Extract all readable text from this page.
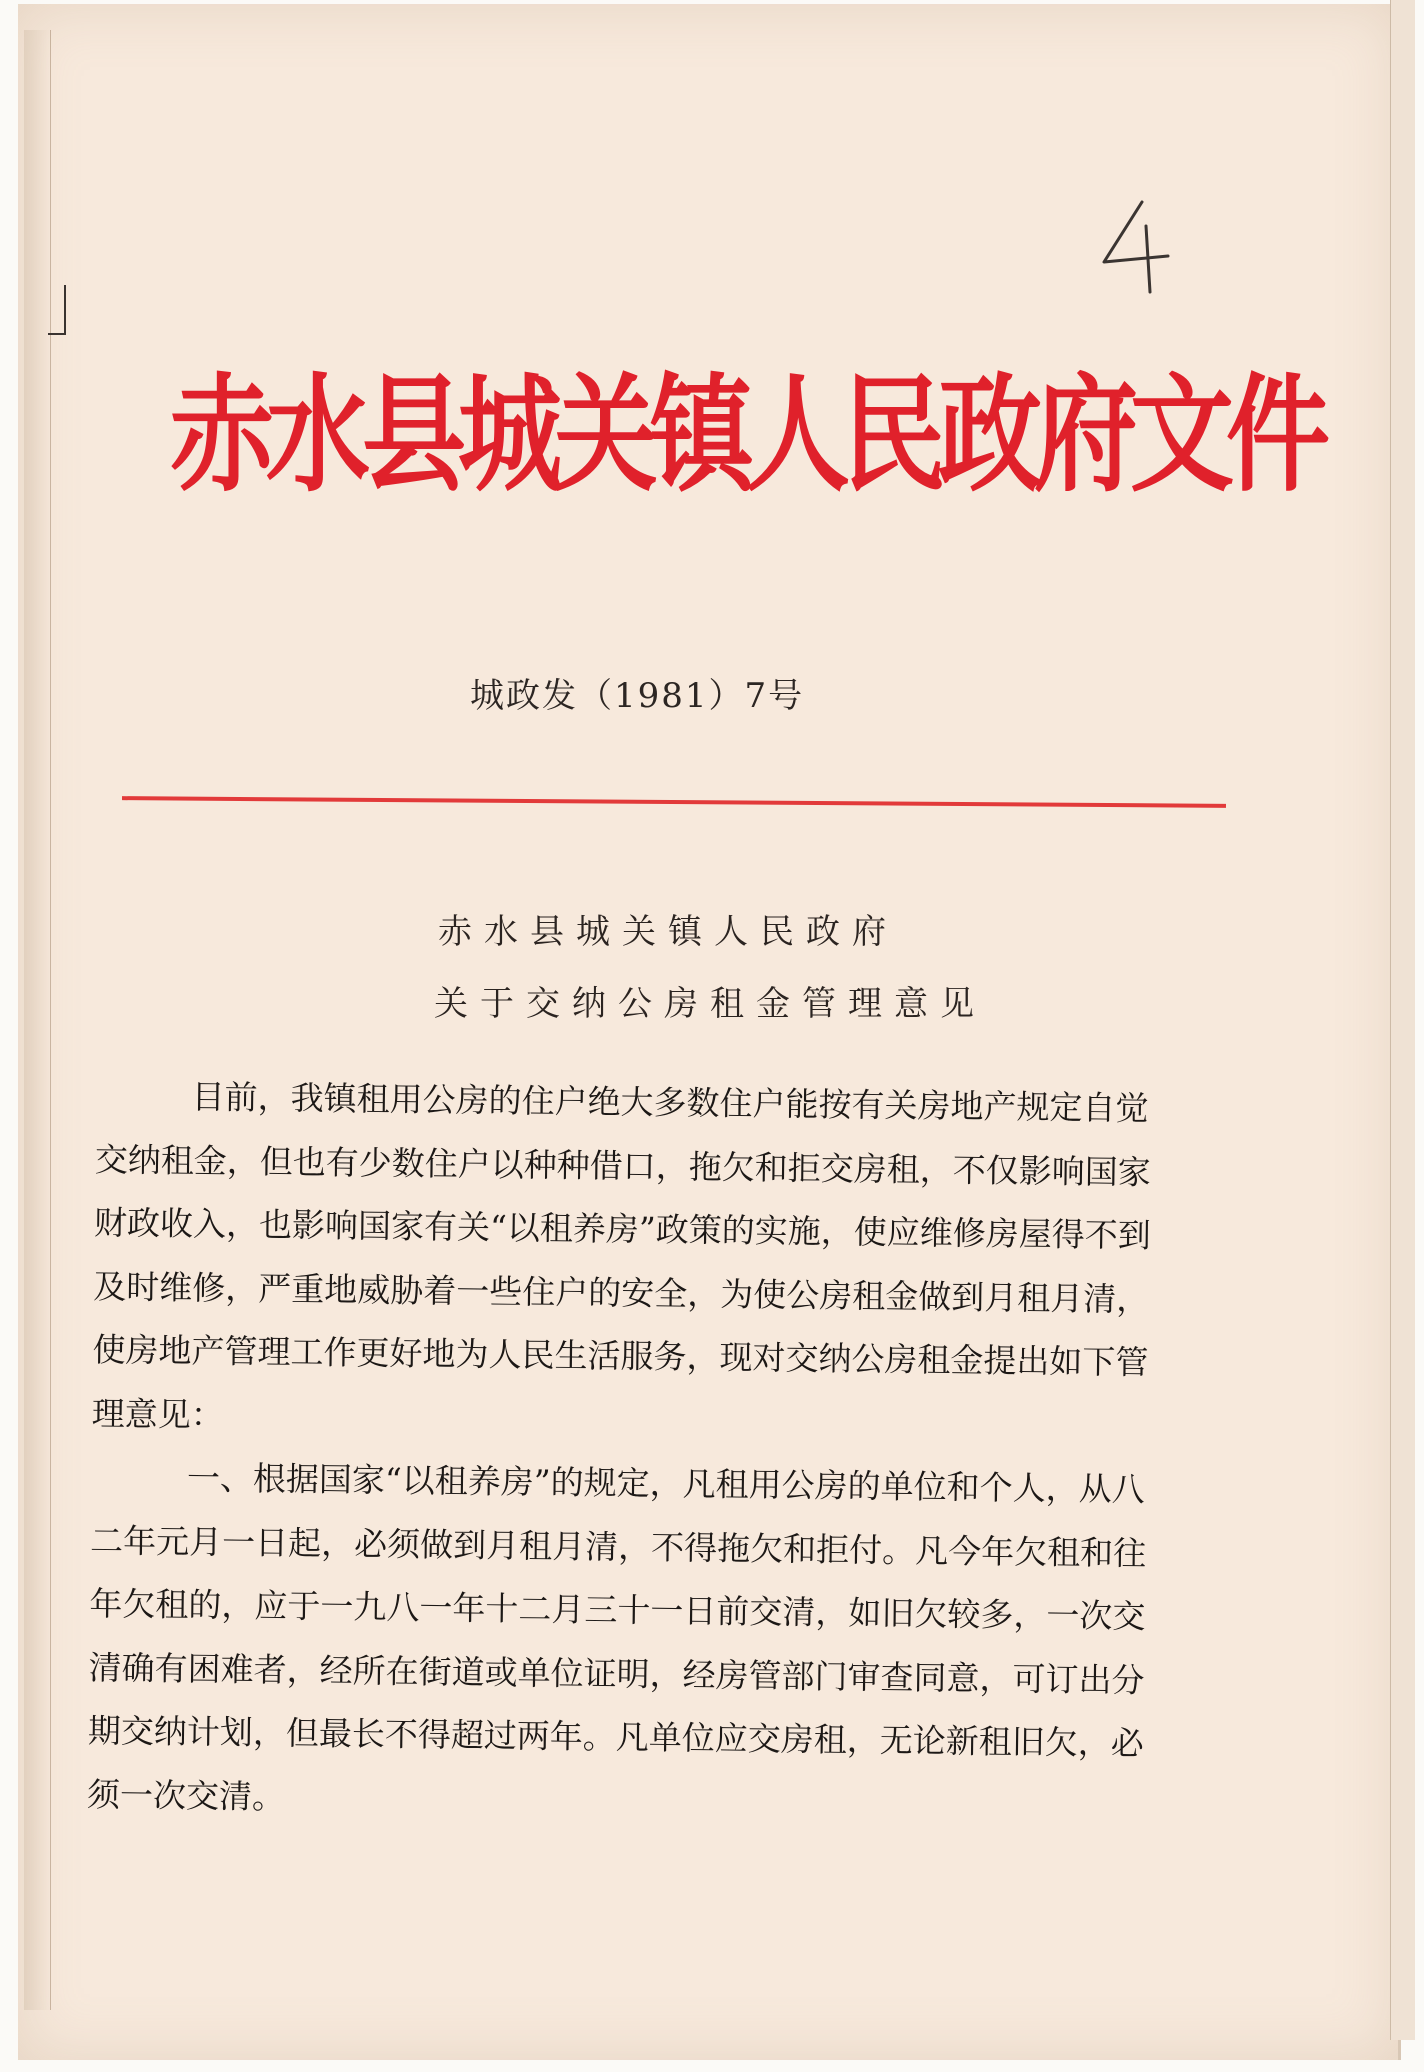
赤水县城关镇人民政府文件
城政发（1981）7号
赤水县城关镇人民政府
关于交纳公房租金管理意见

目前，我镇租用公房的住户绝大多数住户能按有关房地产规定自觉交纳租金，但也有少数住户以种种借口，拖欠和拒交房租，不仅影响国家财政收入，也影响国家有关“以租养房”政策的实施，使应维修房屋得不到及时维修，严重地威胁着一些住户的安全，为使公房租金做到月租月清，使房地产管理工作更好地为人民生活服务，现对交纳公房租金提出如下管理意见：

一、根据国家“以租养房”的规定，凡租用公房的单位和个人，从八二年元月一日起，必须做到月租月清，不得拖欠和拒付。凡今年欠租和往年欠租的，应于一九八一年十二月三十一日前交清，如旧欠较多，一次交清确有困难者，经所在街道或单位证明，经房管部门审查同意，可订出分期交纳计划，但最长不得超过两年。凡单位应交房租，无论新租旧欠，必须一次交清。
